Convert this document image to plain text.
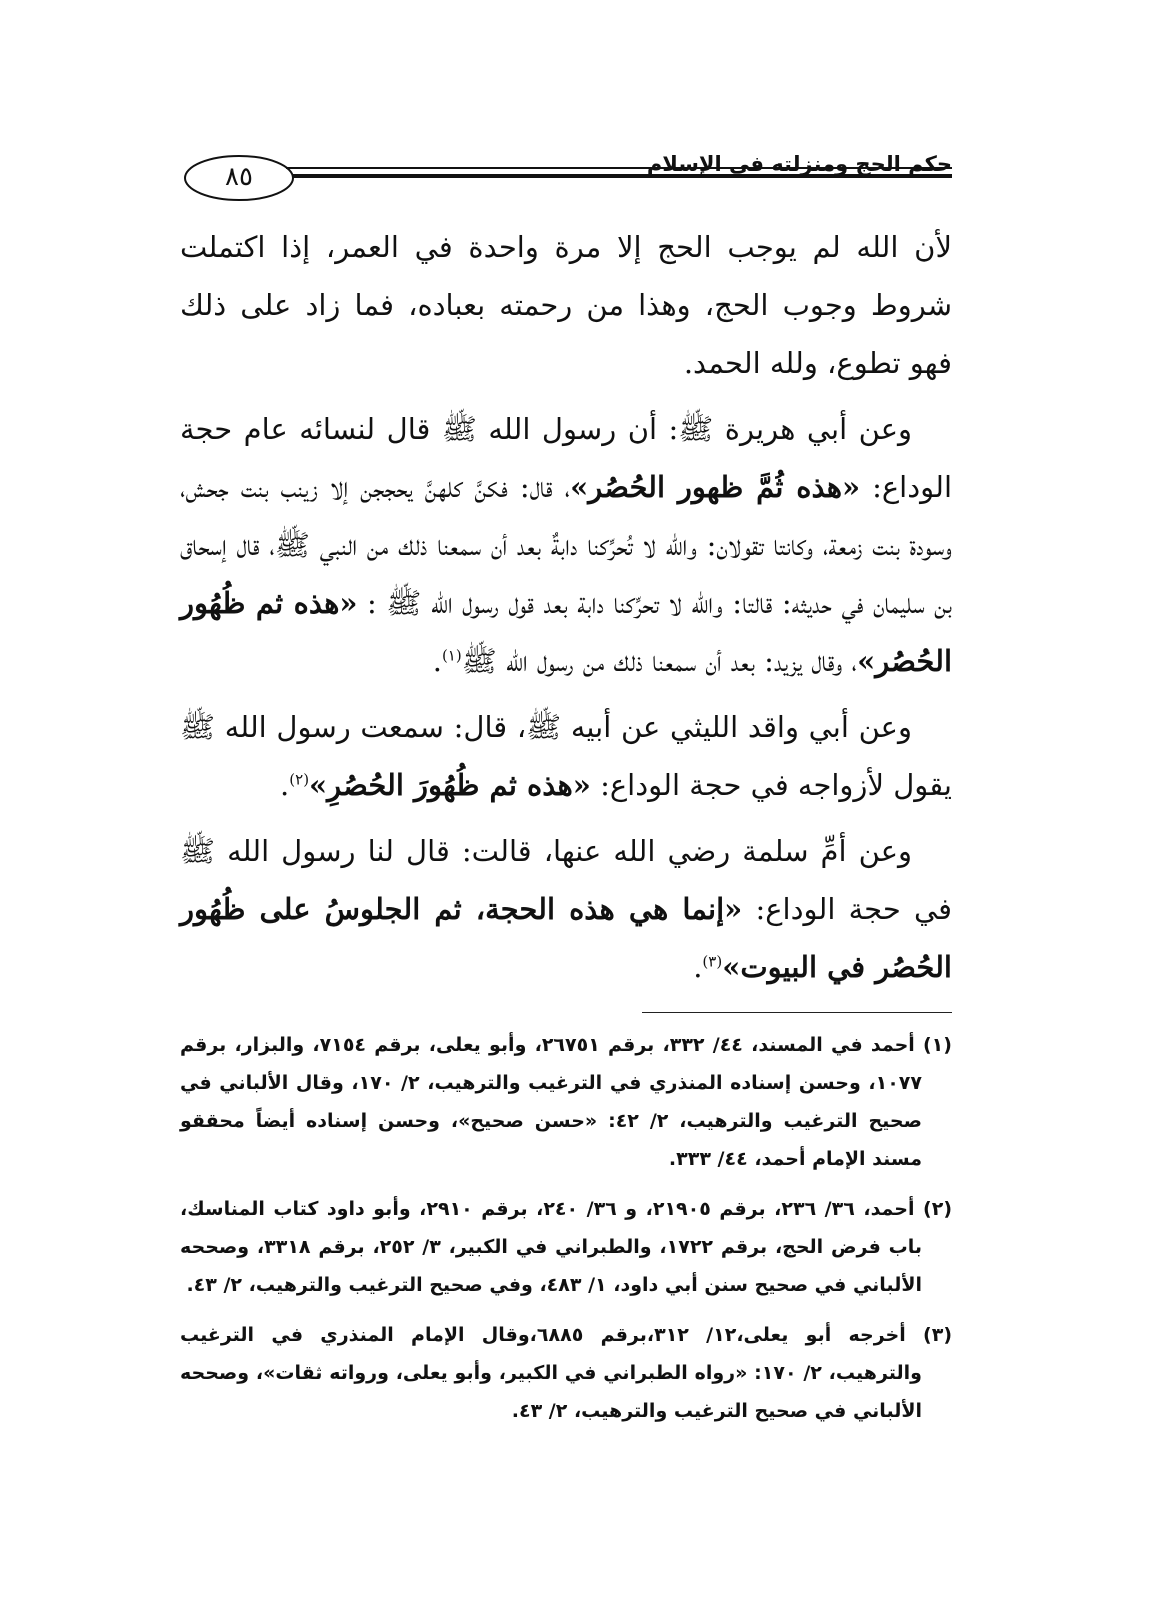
٨٥	حكم الحج ومنزلته في الإسلام

لأن الله لم يوجب الحج إلا مرة واحدة في العمر، إذا اكتملت شروط وجوب الحج، وهذا من رحمته بعباده، فما زاد على ذلك فهو تطوع، ولله الحمد.

وعن أبي هريرة ﷺ: أن رسول الله ﷺ قال لنسائه عام حجة الوداع: «هذه ثُمَّ ظهور الحُصُر»، قال: فكنَّ كلهنَّ يحججن إلا زينب بنت جحش، وسودة بنت زمعة، وكانتا تقولان: والله لا تُحرِّكنا دابةٌ بعد أن سمعنا ذلك من النبي ﷺ، قال إسحاق بن سليمان في حديثه: قالتا: والله لا تحرِّكنا دابة بعد قول رسول الله ﷺ : «هذه ثم ظُهُور الحُصُر»، وقال يزيد: بعد أن سمعنا ذلك من رسول الله ﷺ$^{(١)}$.

وعن أبي واقد الليثي عن أبيه ﷺ، قال: سمعت رسول الله ﷺ يقول لأزواجه في حجة الوداع: «هذه ثم ظُهُورَ الحُصُرِ»$^{(٢)}$.

وعن أمِّ سلمة رضي الله عنها، قالت: قال لنا رسول الله ﷺ في حجة الوداع: «إنما هي هذه الحجة، ثم الجلوسُ على ظُهُور الحُصُر في البيوت»$^{(٣)}$.

(١) أحمد في المسند، ٤٤/ ٣٣٢، برقم ٢٦٧٥١، وأبو يعلى، برقم ٧١٥٤، والبزار، برقم ١٠٧٧، وحسن إسناده المنذري في الترغيب والترهيب، ٢/ ١٧٠، وقال الألباني في صحيح الترغيب والترهيب، ٢/ ٤٢: «حسن صحيح»، وحسن إسناده أيضاً محققو مسند الإمام أحمد، ٤٤/ ٣٣٣.

(٢) أحمد، ٣٦/ ٢٣٦، برقم ٢١٩٠٥، و ٣٦/ ٢٤٠، برقم ٢٩١٠، وأبو داود كتاب المناسك، باب فرض الحج، برقم ١٧٢٢، والطبراني في الكبير، ٣/ ٢٥٢، برقم ٣٣١٨، وصححه الألباني في صحيح سنن أبي داود، ١/ ٤٨٣، وفي صحيح الترغيب والترهيب، ٢/ ٤٣.

(٣) أخرجه أبو يعلى،١٢/ ٣١٢،برقم ٦٨٨٥،وقال الإمام المنذري في الترغيب والترهيب، ٢/ ١٧٠: «رواه الطبراني في الكبير، وأبو يعلى، ورواته ثقات»، وصححه الألباني في صحيح الترغيب والترهيب، ٢/ ٤٣.
